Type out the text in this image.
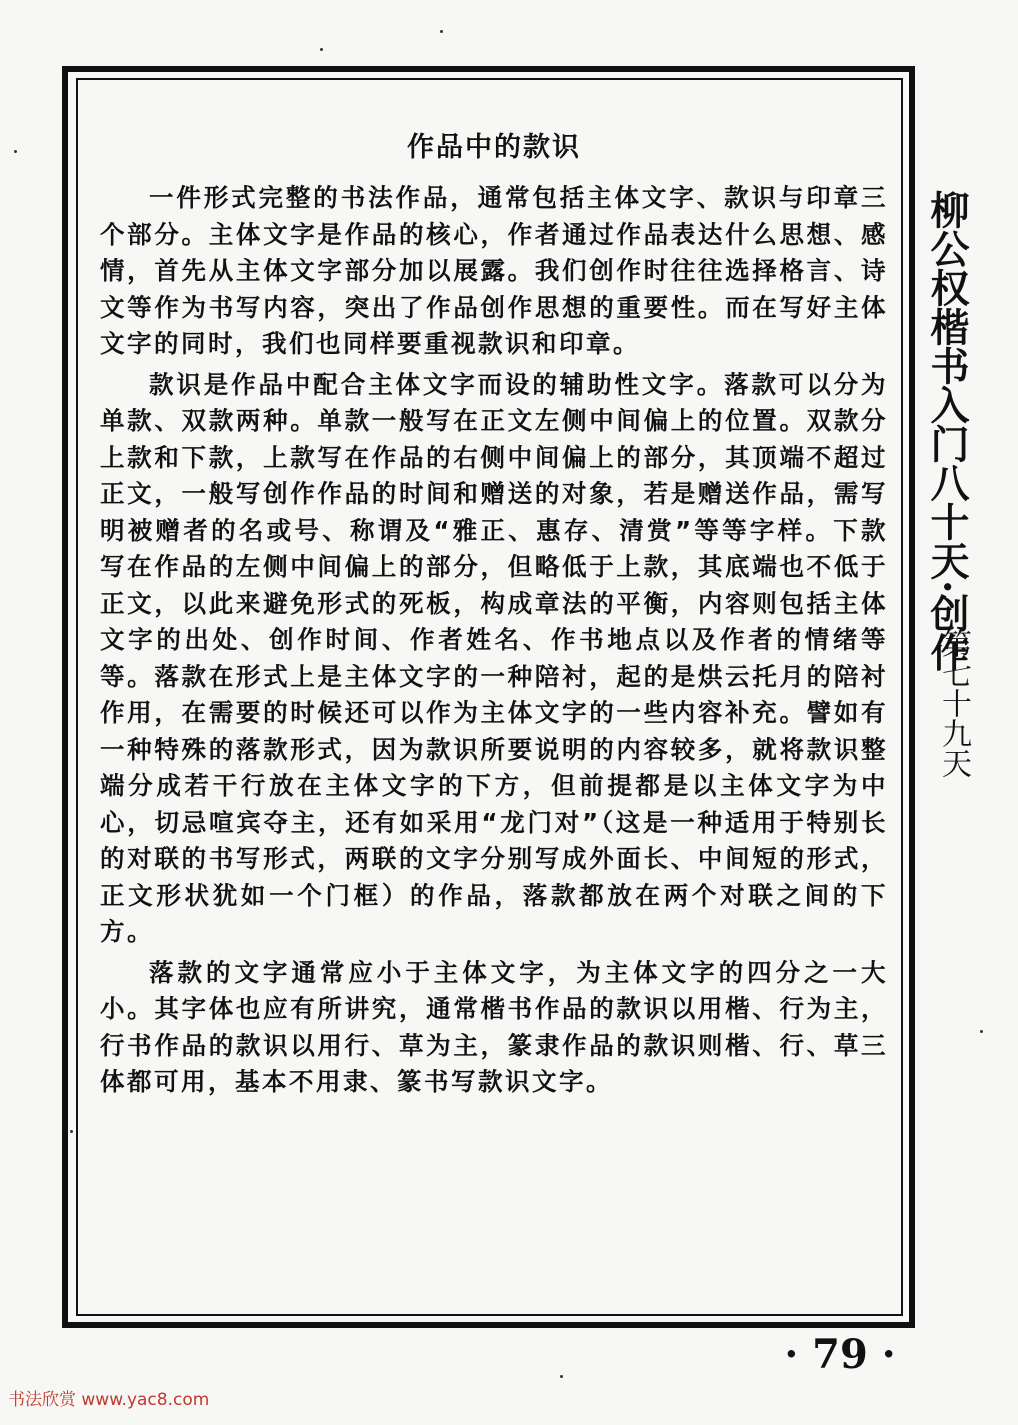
作品中的款识

一件形式完整的书法作品，通常包括主体文字、款识与印章三个部分。主体文字是作品的核心，作者通过作品表达什么思想、感情，首先从主体文字部分加以展露。我们创作时往往选择格言、诗文等作为书写内容，突出了作品创作思想的重要性。而在写好主体文字的同时，我们也同样要重视款识和印章。

款识是作品中配合主体文字而设的辅助性文字。落款可以分为单款、双款两种。单款一般写在正文左侧中间偏上的位置。双款分上款和下款，上款写在作品的右侧中间偏上的部分，其顶端不超过正文，一般写创作作品的时间和赠送的对象，若是赠送作品，需写明被赠者的名或号、称谓及“雅正、惠存、清赏”等等字样。下款写在作品的左侧中间偏上的部分，但略低于上款，其底端也不低于正文，以此来避免形式的死板，构成章法的平衡，内容则包括主体文字的出处、创作时间、作者姓名、作书地点以及作者的情绪等等。落款在形式上是主体文字的一种陪衬，起的是烘云托月的陪衬作用，在需要的时候还可以作为主体文字的一些内容补充。譬如有一种特殊的落款形式，因为款识所要说明的内容较多，就将款识整端分成若干行放在主体文字的下方，但前提都是以主体文字为中心，切忌喧宾夺主，还有如采用“龙门对”（这是一种适用于特别长的对联的书写形式，两联的文字分别写成外面长、中间短的形式，正文形状犹如一个门框）的作品，落款都放在两个对联之间的下方。

落款的文字通常应小于主体文字，为主体文字的四分之一大小。其字体也应有所讲究，通常楷书作品的款识以用楷、行为主，行书作品的款识以用行、草为主，篆隶作品的款识则楷、行、草三体都可用，基本不用隶、篆书写款识文字。

柳公权楷书入门八十天·创作
第七十九天
· 79 ·
书法欣赏 www.yac8.com
